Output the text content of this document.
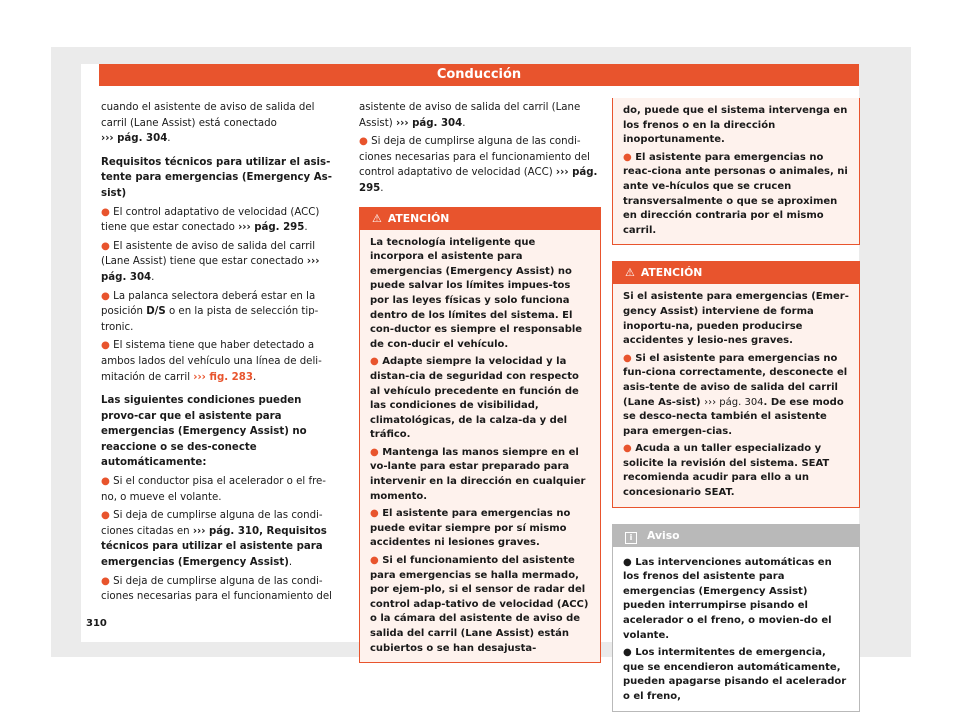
Conducción

cuando el asistente de aviso de salida del carril (Lane Assist) está conectado
››› pág. 304.

Requisitos técnicos para utilizar el asis-tente para emergencias (Emergency As-sist)

● El control adaptativo de velocidad (ACC) tiene que estar conectado ››› pág. 295.

● El asistente de aviso de salida del carril (Lane Assist) tiene que estar conectado ››› pág. 304.

● La palanca selectora deberá estar en la posición D/S o en la pista de selección tip-tronic.

● El sistema tiene que haber detectado a ambos lados del vehículo una línea de deli-mitación de carril ››› fig. 283.

Las siguientes condiciones pueden provo-car que el asistente para emergencias (Emergency Assist) no reaccione o se des-conecte automáticamente:

● Si el conductor pisa el acelerador o el fre-no, o mueve el volante.

● Si deja de cumplirse alguna de las condi-ciones citadas en ››› pág. 310, Requisitos técnicos para utilizar el asistente para emergencias (Emergency Assist).

● Si deja de cumplirse alguna de las condi-ciones necesarias para el funcionamiento del

asistente de aviso de salida del carril (Lane Assist) ››› pág. 304.

● Si deja de cumplirse alguna de las condi-ciones necesarias para el funcionamiento del control adaptativo de velocidad (ACC) ››› pág. 295.

⚠ ATENCIÓN

La tecnología inteligente que incorpora el asistente para emergencias (Emergency Assist) no puede salvar los límites impues-tos por las leyes físicas y solo funciona dentro de los límites del sistema. El con-ductor es siempre el responsable de con-ducir el vehículo.

● Adapte siempre la velocidad y la distan-cia de seguridad con respecto al vehículo precedente en función de las condiciones de visibilidad, climatológicas, de la calza-da y del tráfico.

● Mantenga las manos siempre en el vo-lante para estar preparado para intervenir en la dirección en cualquier momento.

● El asistente para emergencias no puede evitar siempre por sí mismo accidentes ni lesiones graves.

● Si el funcionamiento del asistente para emergencias se halla mermado, por ejem-plo, si el sensor de radar del control adap-tativo de velocidad (ACC) o la cámara del asistente de aviso de salida del carril (Lane Assist) están cubiertos o se han desajusta-

do, puede que el sistema intervenga en los frenos o en la dirección inoportunamente.

● El asistente para emergencias no reac-ciona ante personas o animales, ni ante ve-hículos que se crucen transversalmente o que se aproximen en dirección contraria por el mismo carril.

⚠ ATENCIÓN

Si el asistente para emergencias (Emer-gency Assist) interviene de forma inoportu-na, pueden producirse accidentes y lesio-nes graves.

● Si el asistente para emergencias no fun-ciona correctamente, desconecte el asis-tente de aviso de salida del carril (Lane As-sist) ››› pág. 304. De ese modo se desco-necta también el asistente para emergen-cias.

● Acuda a un taller especializado y solicite la revisión del sistema. SEAT recomienda acudir para ello a un concesionario SEAT.

i Aviso

● Las intervenciones automáticas en los frenos del asistente para emergencias (Emergency Assist) pueden interrumpirse pisando el acelerador o el freno, o movien-do el volante.

● Los intermitentes de emergencia, que se encendieron automáticamente, pueden apagarse pisando el acelerador o el freno,

310
